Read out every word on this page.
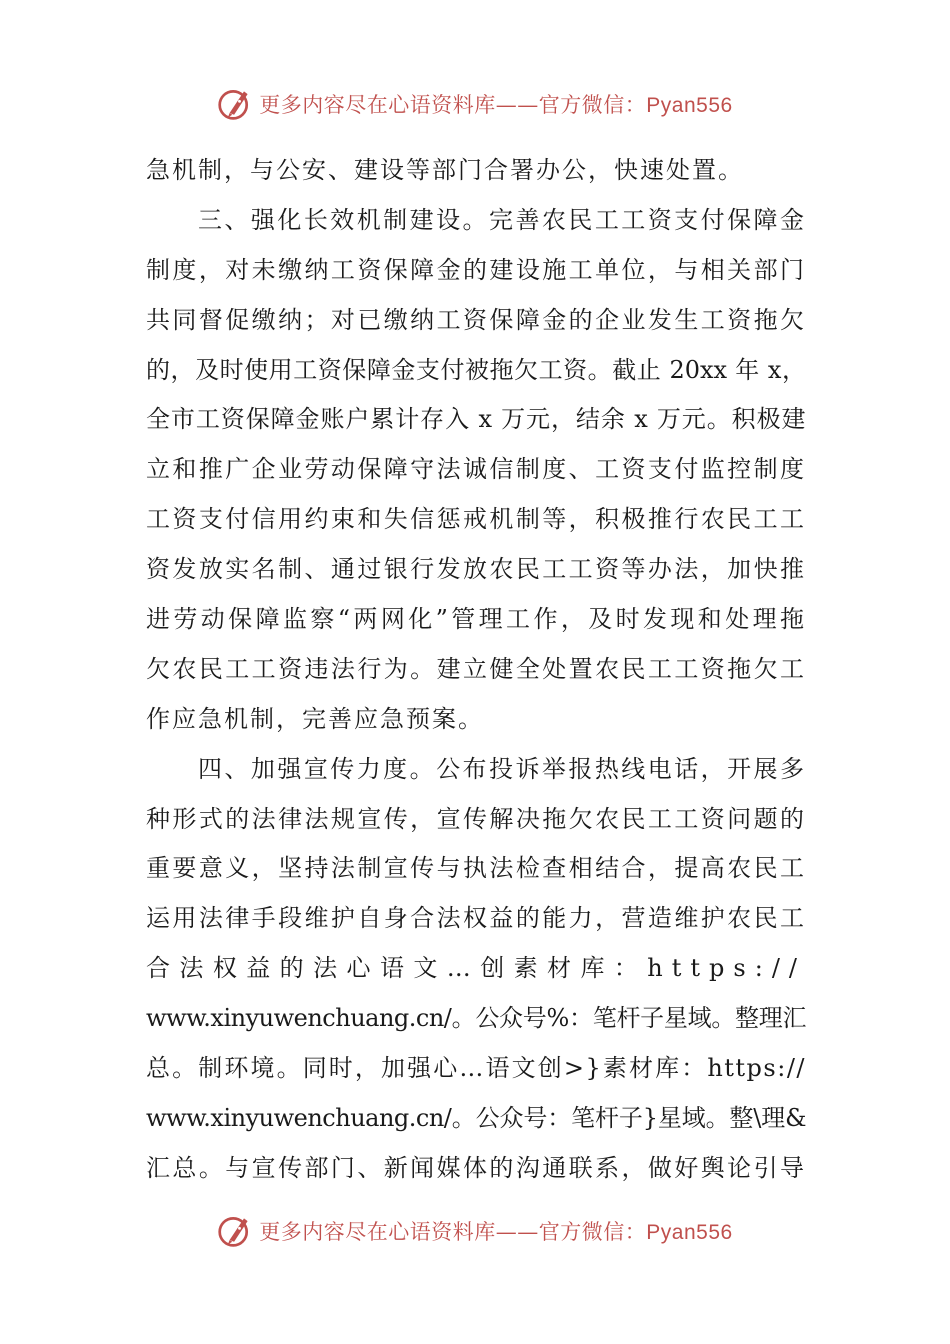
更多内容尽在心语资料库——官方微信：Pyan556
急机制，与公安、建设等部门合署办公，快速处置。
三、强化长效机制建设。完善农民工工资支付保障金
制度，对未缴纳工资保障金的建设施工单位，与相关部门
共同督促缴纳；对已缴纳工资保障金的企业发生工资拖欠
的，及时使用工资保障金支付被拖欠工资。截止 20xx 年 x，
全市工资保障金账户累计存入 x 万元，结余 x 万元。积极建
立和推广企业劳动保障守法诚信制度、工资支付监控制度
工资支付信用约束和失信惩戒机制等，积极推行农民工工
资发放实名制、通过银行发放农民工工资等办法，加快推
进劳动保障监察“两网化”管理工作，及时发现和处理拖
欠农民工工资违法行为。建立健全处置农民工工资拖欠工
作应急机制，完善应急预案。
四、加强宣传力度。公布投诉举报热线电话，开展多
种形式的法律法规宣传，宣传解决拖欠农民工工资问题的
重要意义，坚持法制宣传与执法检查相结合，提高农民工
运用法律手段维护自身合法权益的能力，营造维护农民工
合法权益的法心语文…创素材库：https://
www.xinyuwenchuang.cn/。公众号%：笔杆子星域。整理汇
总。制环境。同时，加强心…语文创>}素材库：https://
www.xinyuwenchuang.cn/。公众号：笔杆子}星域。整\理&
汇总。与宣传部门、新闻媒体的沟通联系，做好舆论引导
更多内容尽在心语资料库——官方微信：Pyan556
